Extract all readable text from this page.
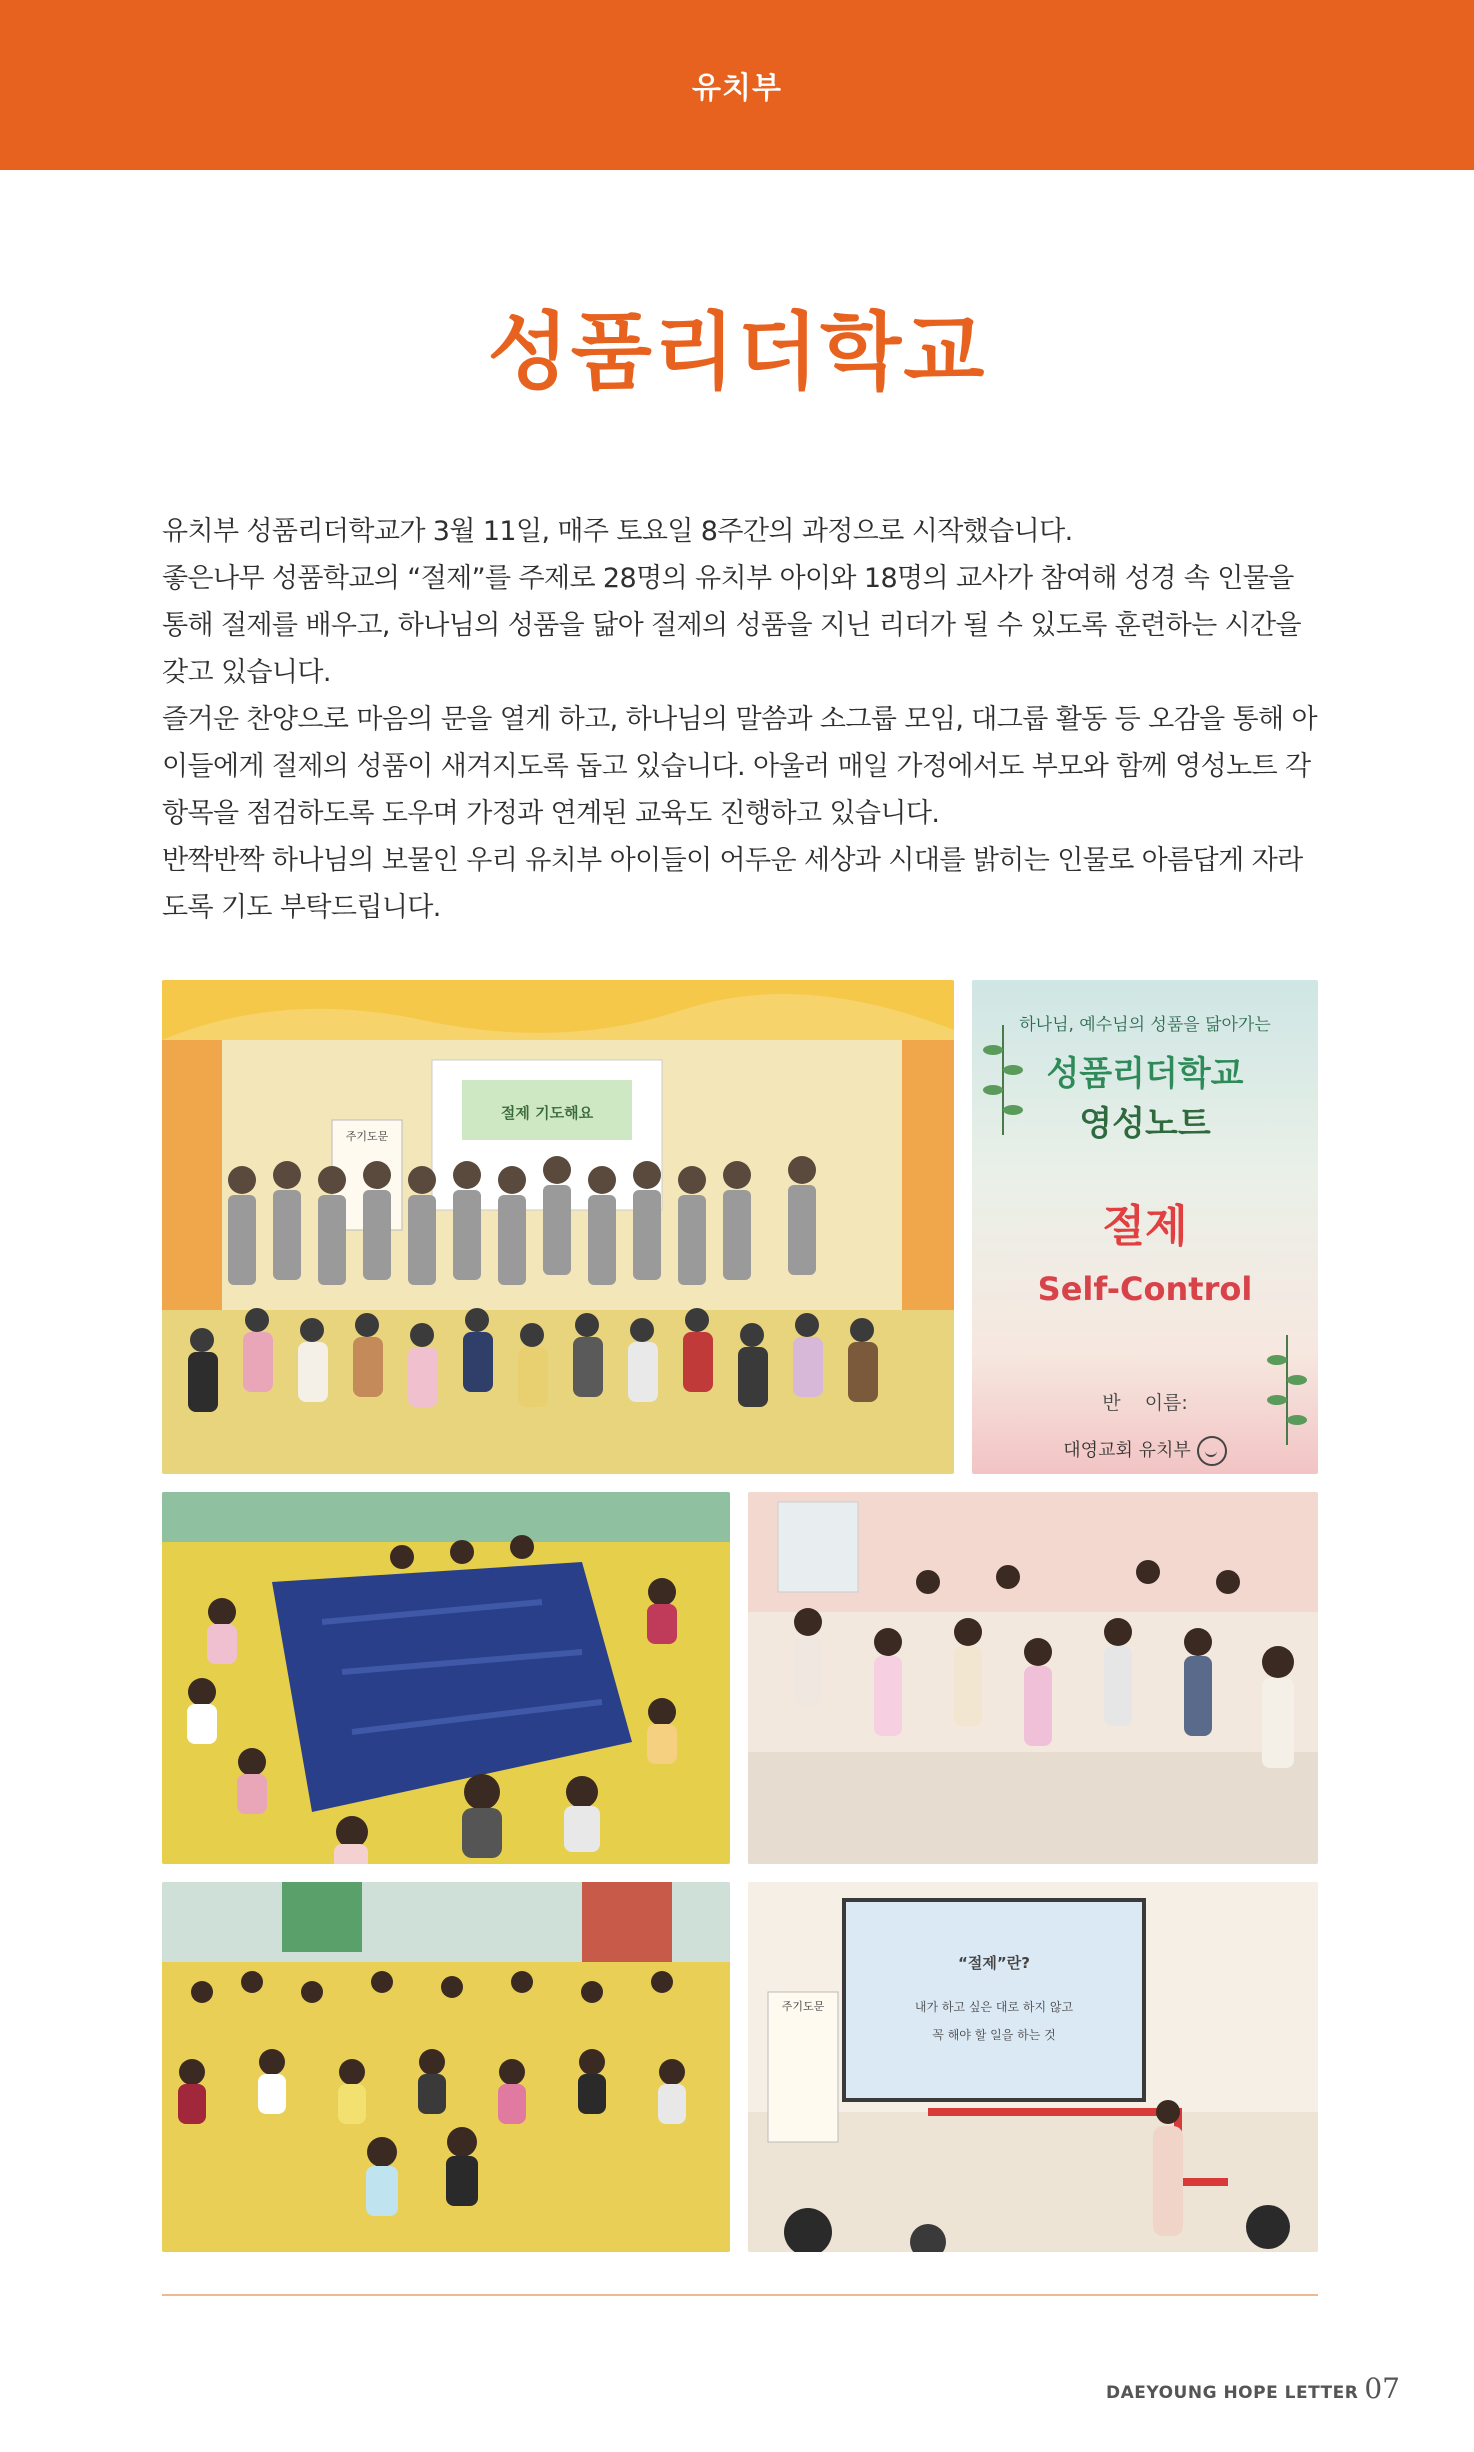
유치부
성품리더학교

유치부 성품리더학교가 3월 11일, 매주 토요일 8주간의 과정으로 시작했습니다.

좋은나무 성품학교의 “절제”를 주제로 28명의 유치부 아이와 18명의 교사가 참여해 성경 속 인물을 통해 절제를 배우고, 하나님의 성품을 닮아 절제의 성품을 지닌 리더가 될 수 있도록 훈련하는 시간을 갖고 있습니다.

즐거운 찬양으로 마음의 문을 열게 하고, 하나님의 말씀과 소그룹 모임, 대그룹 활동 등 오감을 통해 아이들에게 절제의 성품이 새겨지도록 돕고 있습니다. 아울러 매일 가정에서도 부모와 함께 영성노트 각 항목을 점검하도록 도우며 가정과 연계된 교육도 진행하고 있습니다.

반짝반짝 하나님의 보물인 우리 유치부 아이들이 어두운 세상과 시대를 밝히는 인물로 아름답게 자라도록 기도 부탁드립니다.

주기도문
절제 기도해요
하나님, 예수님의 성품을 닮아가는
성품리더학교
영성노트
절제
Self-Control
반    이름:
대영교회 유치부
주기도문
“절제”란?
내가 하고 싶은 대로 하지 않고
꼭 해야 할 일을 하는 것
DAEYOUNG HOPE LETTER 07
